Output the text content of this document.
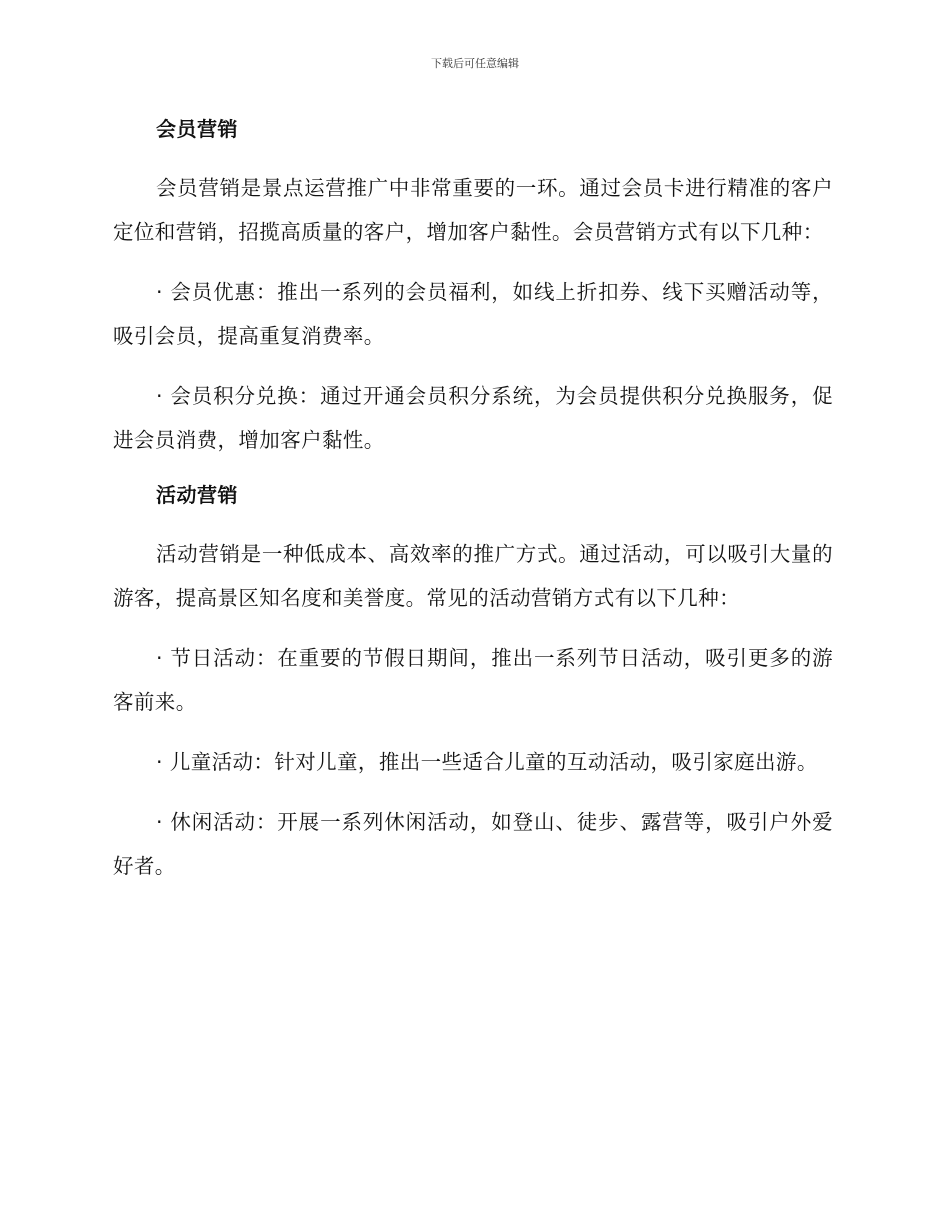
下载后可任意编辑
会员营销

会员营销是景点运营推广中非常重要的一环。通过会员卡进行精准的客户定位和营销，招揽高质量的客户，增加客户黏性。会员营销方式有以下几种：

· 会员优惠：推出一系列的会员福利，如线上折扣券、线下买赠活动等，吸引会员，提高重复消费率。

· 会员积分兑换：通过开通会员积分系统，为会员提供积分兑换服务，促进会员消费，增加客户黏性。

活动营销

活动营销是一种低成本、高效率的推广方式。通过活动，可以吸引大量的游客，提高景区知名度和美誉度。常见的活动营销方式有以下几种：

· 节日活动：在重要的节假日期间，推出一系列节日活动，吸引更多的游客前来。

· 儿童活动：针对儿童，推出一些适合儿童的互动活动，吸引家庭出游。

· 休闲活动：开展一系列休闲活动，如登山、徒步、露营等，吸引户外爱好者。
